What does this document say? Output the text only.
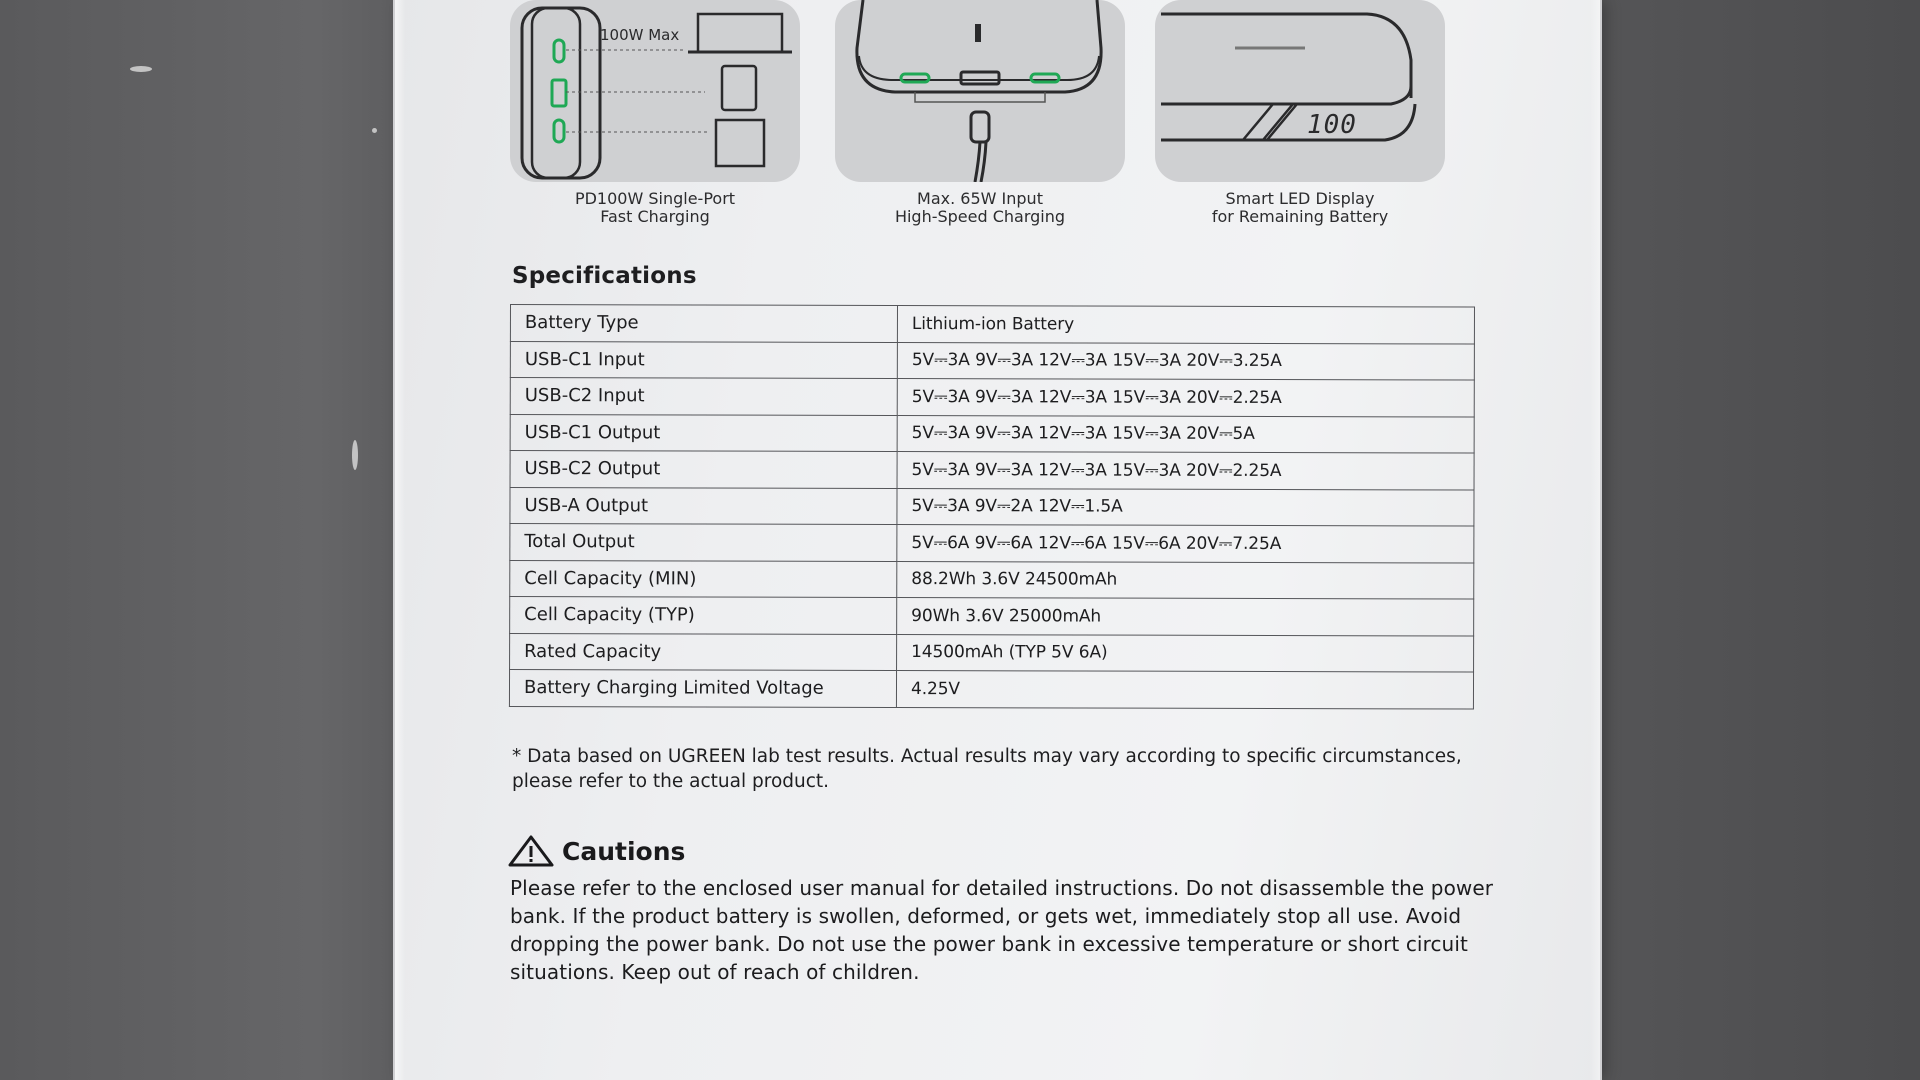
100W Max
PD100W Single-Port
Fast Charging
Max. 65W Input
High-Speed Charging
100
Smart LED Display
for Remaining Battery
Specifications
Battery Type	Lithium-ion Battery
USB-C1 Input	5V⎓3A 9V⎓3A 12V⎓3A 15V⎓3A 20V⎓3.25A
USB-C2 Input	5V⎓3A 9V⎓3A 12V⎓3A 15V⎓3A 20V⎓2.25A
USB-C1 Output	5V⎓3A 9V⎓3A 12V⎓3A 15V⎓3A 20V⎓5A
USB-C2 Output	5V⎓3A 9V⎓3A 12V⎓3A 15V⎓3A 20V⎓2.25A
USB-A Output	5V⎓3A 9V⎓2A 12V⎓1.5A
Total Output	5V⎓6A 9V⎓6A 12V⎓6A 15V⎓6A 20V⎓7.25A
Cell Capacity (MIN)	88.2Wh 3.6V 24500mAh
Cell Capacity (TYP)	90Wh 3.6V 25000mAh
Rated Capacity	14500mAh (TYP 5V 6A)
Battery Charging Limited Voltage	4.25V
* Data based on UGREEN lab test results. Actual results may vary according to specific circumstances, please refer to the actual product.
Cautions
Please refer to the enclosed user manual for detailed instructions. Do not disassemble the power bank. If the product battery is swollen, deformed, or gets wet, immediately stop all use. Avoid dropping the power bank. Do not use the power bank in excessive temperature or short circuit situations. Keep out of reach of children.
